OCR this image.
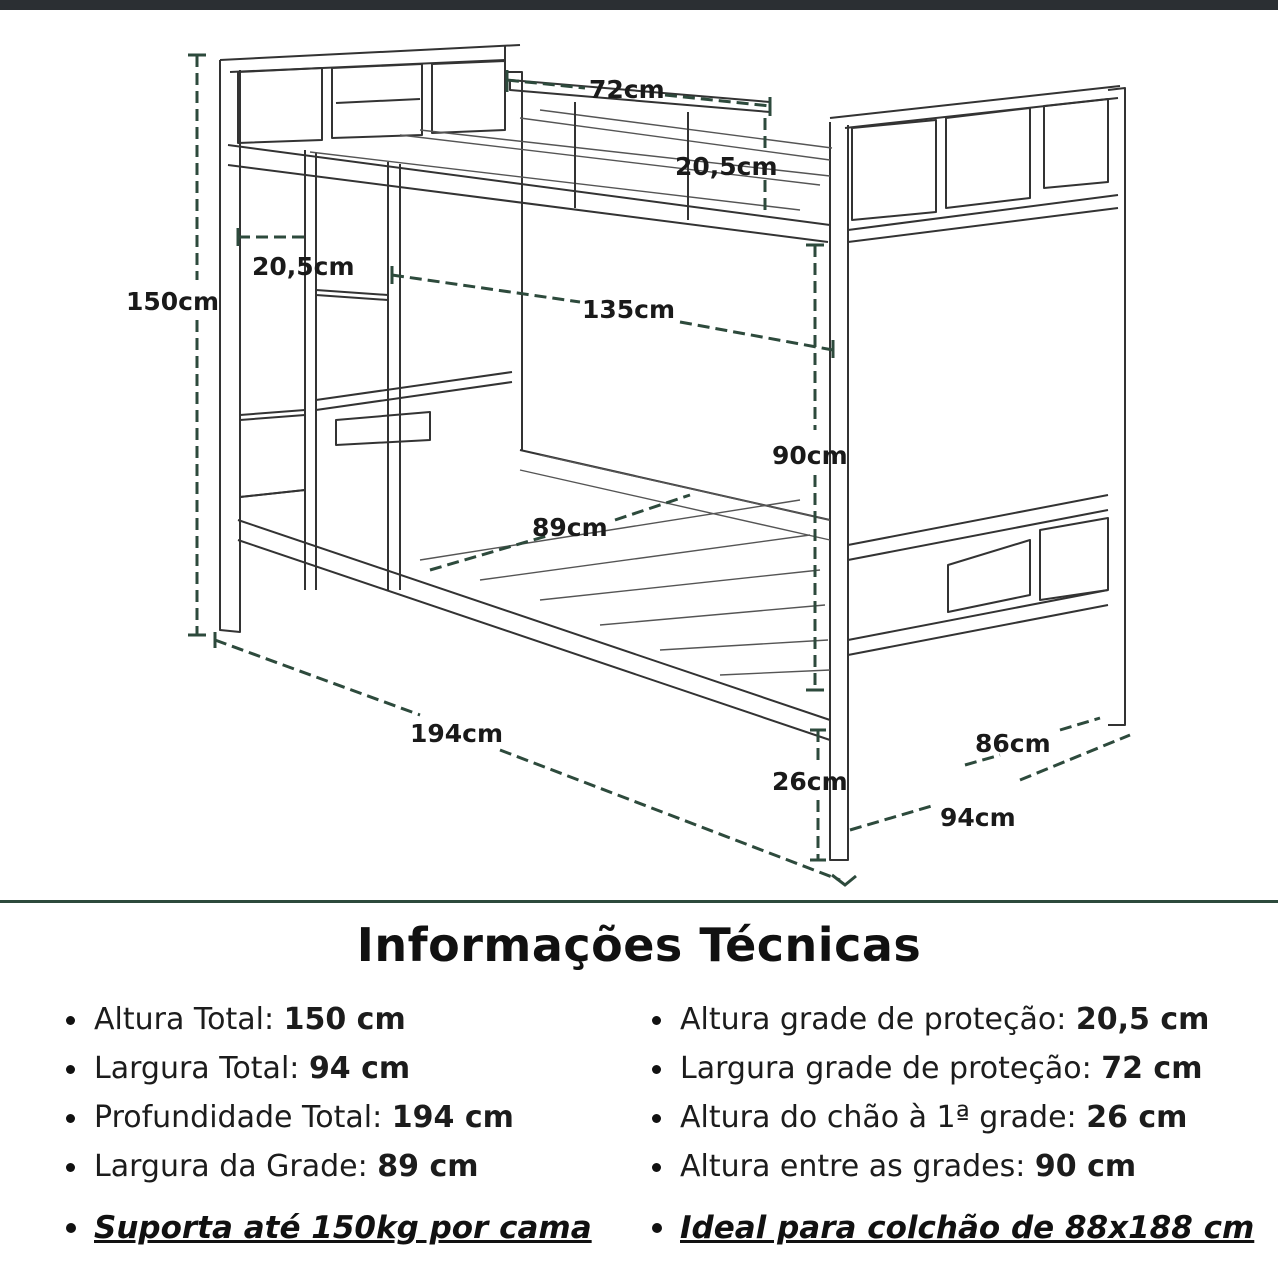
150cm
72cm
20,5cm
20,5cm
135cm
90cm
89cm
194cm
26cm
86cm
94cm
Informações Técnicas
Altura Total: 150 cm
Largura Total: 94 cm
Profundidade Total: 194 cm
Largura da Grade: 89 cm
Altura grade de proteção: 20,5 cm
Largura grade de proteção: 72 cm
Altura do chão à 1ª grade: 26 cm
Altura entre as grades: 90 cm
Suporta até 150kg por cama	Ideal para colchão de 88x188 cm
